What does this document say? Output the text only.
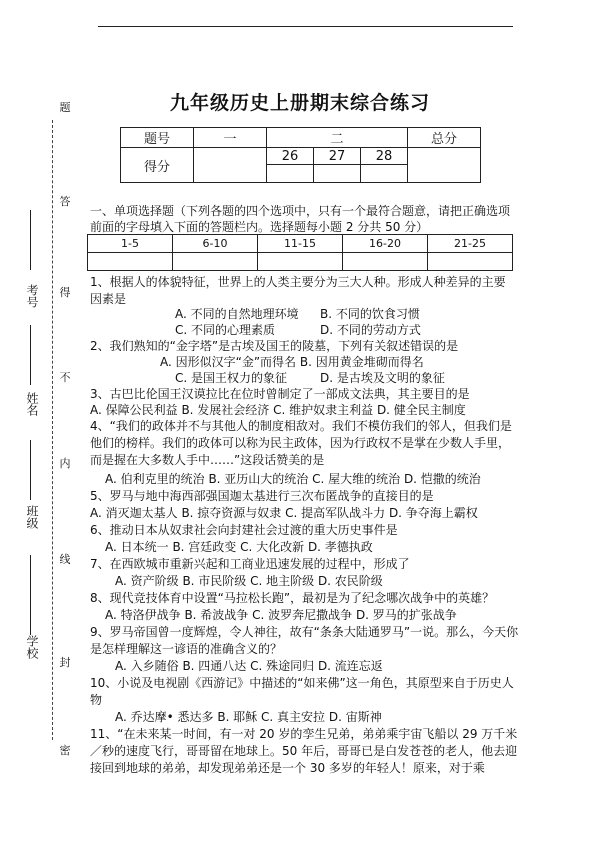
题
答
得
不
内
线
封
密
考号
姓名
班级
学校
九年级历史上册期末综合练习
题号	一	二			总分
得分		26	27	28	

一、单项选择题（下列各题的四个选项中，只有一个最符合题意，请把正确选项前面的字母填入下面的答题栏内。选择题每小题 2 分共 50 分）
1-5	6-10	11-15	16-20	21-25

1、根据人的体貌特征，世界上的人类主要分为三大人种。形成人种差异的主要
因素是
A. 不同的自然地理环境 B. 不同的饮食习惯
C. 不同的心理素质	D. 不同的劳动方式
2、我们熟知的“金字塔”是古埃及国王的陵墓，下列有关叙述错误的是
A. 因形似汉字“金”而得名 B. 因用黄金堆砌而得名
C. 是国王权力的象征	D. 是古埃及文明的象征
3、古巴比伦国王汉谟拉比在位时曾制定了一部成文法典，其主要目的是
A. 保障公民利益 B. 发展社会经济 C. 维护奴隶主利益 D. 健全民主制度
4、“我们的政体并不与其他人的制度相敌对。我们不模仿我们的邻人，但我们是他们的榜样。我们的政体可以称为民主政体，因为行政权不是掌在少数人手里，而是握在大多数人手中……”这段话赞美的是
A. 伯利克里的统治 B. 亚历山大的统治 C. 屋大维的统治 D. 恺撒的统治
5、罗马与地中海西部强国迦太基进行三次布匿战争的直接目的是
A. 消灭迦太基人 B. 掠夺资源与奴隶 C. 提高军队战斗力 D. 争夺海上霸权
6、推动日本从奴隶社会向封建社会过渡的重大历史事件是
A. 日本统一 B. 宫廷政变 C. 大化改新 D. 孝德执政
7、在西欧城市重新兴起和工商业迅速发展的过程中，形成了
A. 资产阶级 B. 市民阶级 C. 地主阶级 D. 农民阶级
8、现代竞技体育中设置“马拉松长跑”，最初是为了纪念哪次战争中的英雄？
A. 特洛伊战争 B. 希波战争 C. 波罗奔尼撒战争 D. 罗马的扩张战争
9、罗马帝国曾一度辉煌，令人神往，故有“条条大陆通罗马”一说。那么，今天你是怎样理解这一谚语的准确含义的？
A. 入乡随俗 B. 四通八达 C. 殊途同归 D. 流连忘返
10、小说及电视剧《西游记》中描述的“如来佛”这一角色，其原型来自于历史人物
A. 乔达摩• 悉达多 B. 耶稣 C. 真主安拉 D. 宙斯神
11、“在未来某一时间，有一对 20 岁的孪生兄弟，弟弟乘宇宙飞船以 29 万千米／秒的速度飞行，哥哥留在地球上。50 年后，哥哥已是白发苍苍的老人，他去迎接回到地球的弟弟，却发现弟弟还是一个 30 多岁的年轻人！原来，对于乘
